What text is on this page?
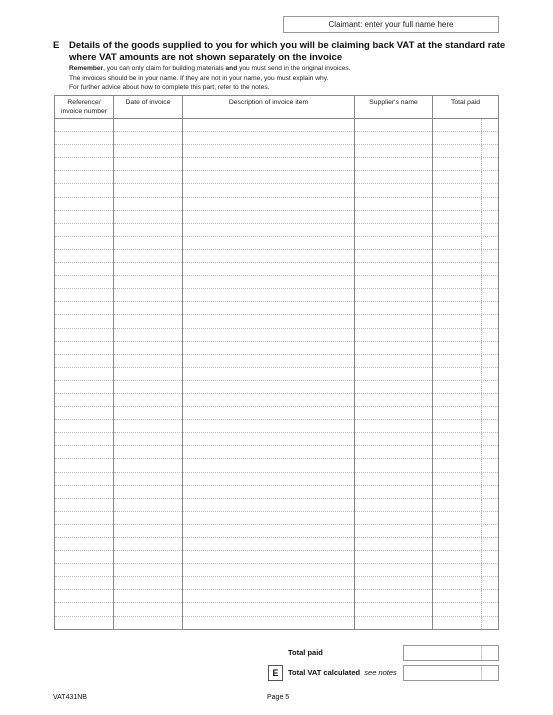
Claimant: enter your full name here
E Details of the goods supplied to you for which you will be claiming back VAT at the standard rate
where VAT amounts are not shown separately on the invoice
Remember, you can only claim for building materials and you must send in the original invoices.
The invoices should be in your name. If they are not in your name, you must explain why.
For further advice about how to complete this part, refer to the notes.
Reference/ invoice number	Date of invoice	Description of invoice item	Supplier's name	Total paid

Total paid
E	Total VAT calculated see notes
VAT431NB	Page 5
